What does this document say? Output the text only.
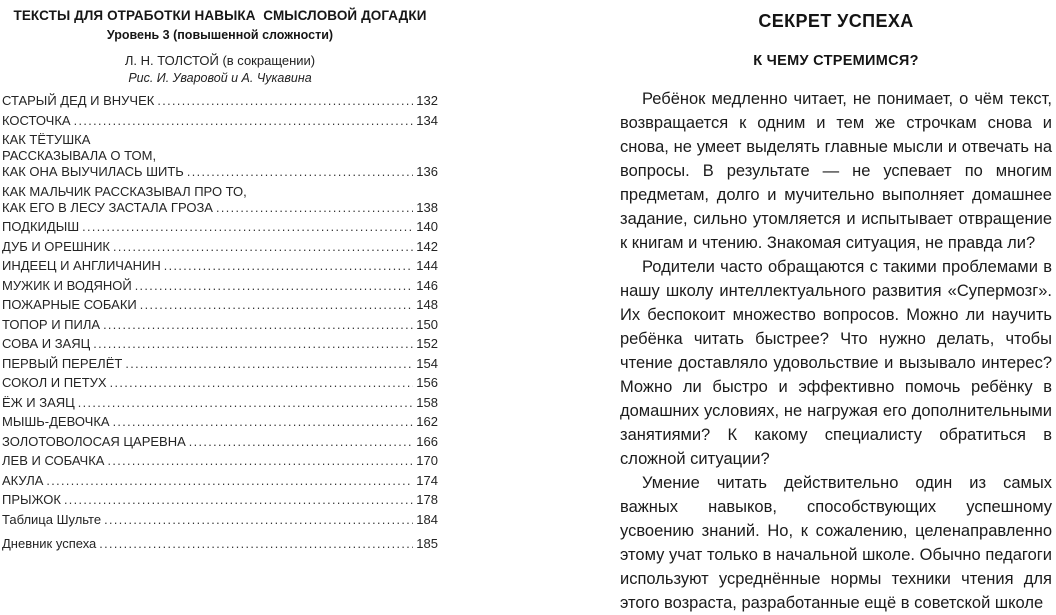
ТЕКСТЫ ДЛЯ ОТРАБОТКИ НАВЫКА  СМЫСЛОВОЙ ДОГАДКИ
Уровень 3 (повышенной сложности)
Л. Н. ТОЛСТОЙ (в сокращении)
Рис. И. Уваровой и А. Чукавина
СТАРЫЙ ДЕД И ВНУЧЕК .....	132
КОСТОЧКА .....	134
КАК ТЁТУШКА
РАССКАЗЫВАЛА О ТОМ,
КАК ОНА ВЫУЧИЛАСЬ ШИТЬ .....	136
КАК МАЛЬЧИК РАССКАЗЫВАЛ ПРО ТО,
КАК ЕГО В ЛЕСУ ЗАСТАЛА ГРОЗА .....	138
ПОДКИДЫШ .....	140
ДУБ И ОРЕШНИК .....	142
ИНДЕЕЦ И АНГЛИЧАНИН .....	144
МУЖИК И ВОДЯНОЙ .....	146
ПОЖАРНЫЕ СОБАКИ .....	148
ТОПОР И ПИЛА .....	150
СОВА И ЗАЯЦ .....	152
ПЕРВЫЙ ПЕРЕЛЁТ .....	154
СОКОЛ И ПЕТУХ .....	156
ЁЖ И ЗАЯЦ .....	158
МЫШЬ-ДЕВОЧКА .....	162
ЗОЛОТОВОЛОСАЯ ЦАРЕВНА .....	166
ЛЕВ И СОБАЧКА .....	170
АКУЛА .....	174
ПРЫЖОК .....	178
Таблица Шульте .....	184
Дневник успеха .....	185
СЕКРЕТ УСПЕХА
К ЧЕМУ СТРЕМИМСЯ?

Ребёнок медленно читает, не понимает, о чём текст, возвращается к одним и тем же строчкам снова и снова, не умеет выделять главные мысли и отвечать на вопросы. В результате — не успевает по многим предметам, долго и мучительно выполняет домашнее задание, сильно утомляется и испытывает отвращение к книгам и чтению. Знакомая ситуация, не правда ли?

Родители часто обращаются с такими проблемами в нашу школу интеллектуального развития «Супермозг». Их беспокоит множество вопросов. Можно ли научить ребёнка читать быстрее? Что нужно делать, чтобы чтение доставляло удовольствие и вызывало интерес? Можно ли быстро и эффективно помочь ребёнку в домашних условиях, не нагружая его дополнительными занятиями? К какому специалисту обратиться в сложной ситуации?

Умение читать действительно один из самых важных навыков, способствующих успешному усвоению знаний. Но, к сожалению, целенаправленно этому учат только в начальной школе. Обычно педагоги используют усреднённые нормы техники чтения для этого возраста, разработанные ещё в советской школе
